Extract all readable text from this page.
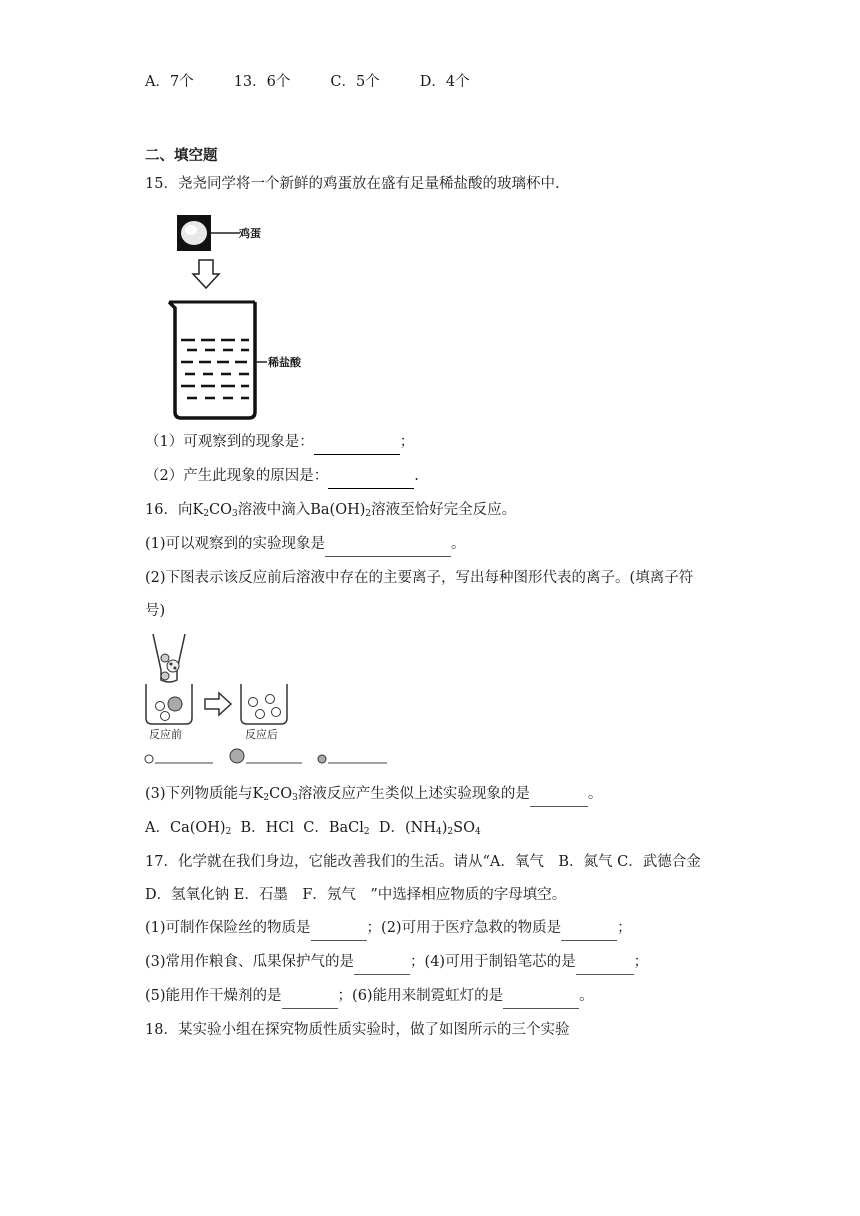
A．7个	13．6个	C．5个	D．4个
二、填空题
15．尧尧同学将一个新鲜的鸡蛋放在盛有足量稀盐酸的玻璃杯中.
鸡蛋
稀盐酸
（1）可观察到的现象是：	；
（2）产生此现象的原因是：	.
16．向$K_2CO_3$溶液中滴入$Ba(OH)_2$溶液至恰好完全反应。
(1)可以观察到的实验现象是	。
(2)下图表示该反应前后溶液中存在的主要离子，写出每种图形代表的离子。(填离子符
号)
反应前	反应后
(3)下列物质能与$K_2CO_3$溶液反应产生类似上述实验现象的是	。
A．$Ca(OH)_2$ B．HCl C．BaCl$_2$ D．$(NH_4)_2SO_4$
17．化学就在我们身边，它能改善我们的生活。请从“A．氧气　B．氮气 C．武德合金
D．氢氧化钠 E．石墨　F．氖气　”中选择相应物质的字母填空。
(1)可制作保险丝的物质是	；(2)可用于医疗急救的物质是	；
(3)常用作粮食、瓜果保护气的是	；(4)可用于制铅笔芯的是	；
(5)能用作干燥剂的是	；(6)能用来制霓虹灯的是	。
18．某实验小组在探究物质性质实验时，做了如图所示的三个实验
